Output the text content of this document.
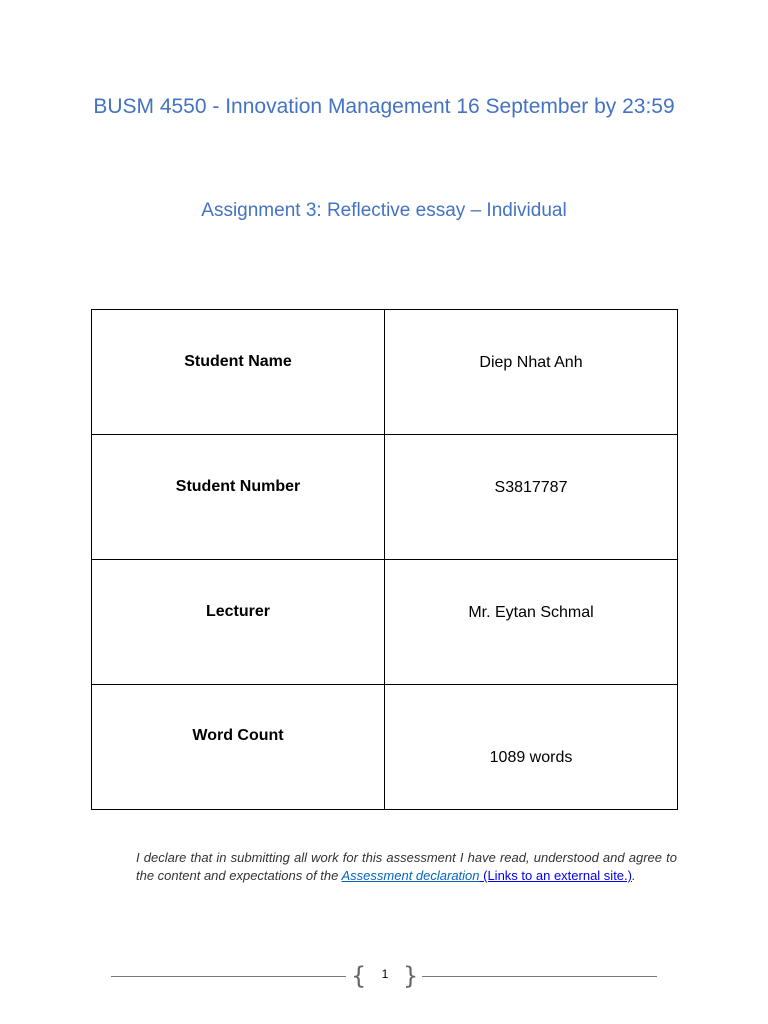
BUSM 4550 - Innovation Management 16 September by 23:59
Assignment 3: Reflective essay – Individual
Student Name	Diep Nhat Anh
Student Number	S3817787
Lecturer	Mr. Eytan Schmal
Word Count	1089 words

I declare that in submitting all work for this assessment I have read, understood and agree to the content and expectations of the Assessment declaration (Links to an external site.).

{	1 }
